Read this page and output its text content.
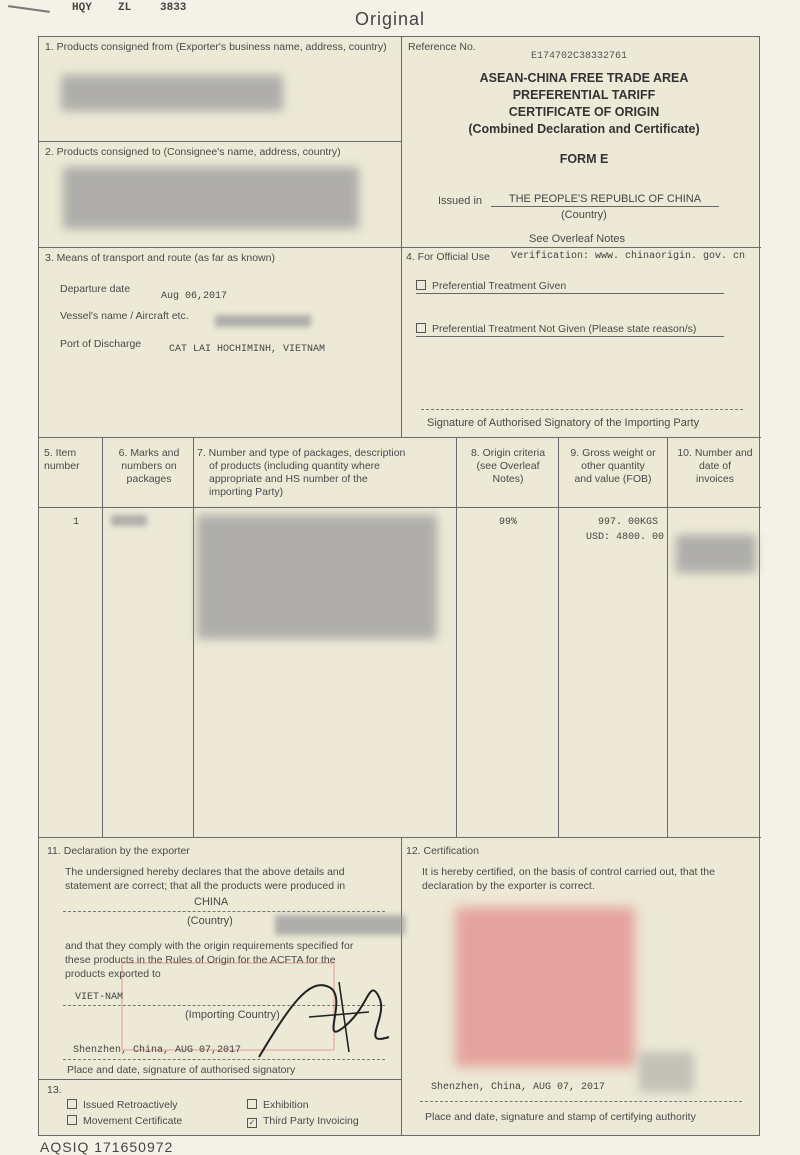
HQY ZL	3833
Original
1. Products consigned from (Exporter's business name, address, country)
2. Products consigned to (Consignee's name, address, country)
Reference No.
E174702C38332761
ASEAN-CHINA FREE TRADE AREA
PREFERENTIAL TARIFF
CERTIFICATE OF ORIGIN
(Combined Declaration and Certificate)
FORM E
Issued in	THE PEOPLE'S REPUBLIC OF CHINA
(Country)
See Overleaf Notes
3. Means of transport and route (as far as known)
Departure date
Aug 06,2017
Vessel's name / Aircraft etc.
Port of Discharge	CAT LAI HOCHIMINH, VIETNAM
4. For Official Use Verification: www. chinaorigin. gov. cn
Preferential Treatment Given
Preferential Treatment Not Given (Please state reason/s)
Signature of Authorised Signatory of the Importing Party
5. Item
number
6. Marks and
numbers on
packages
7. Number and type of packages, description
of products (including quantity where
appropriate and HS number of the
importing Party)
8. Origin criteria
(see Overleaf
Notes)
9. Gross weight or
other quantity
and value (FOB)
10. Number and
date of
invoices
1	99%	997. 00KGS
USD: 4800. 00
11. Declaration by the exporter
The undersigned hereby declares that the above details and
statement are correct; that all the products were produced in
CHINA
(Country)
and that they comply with the origin requirements specified for
these products in the Rules of Origin for the ACFTA for the
products exported to
VIET-NAM
(Importing Country)
Shenzhen, China, AUG 07,2017
Place and date, signature of authorised signatory
12. Certification
It is hereby certified, on the basis of control carried out, that the
declaration by the exporter is correct.
Shenzhen, China, AUG 07, 2017
Place and date, signature and stamp of certifying authority
13.
Issued Retroactively
Movement Certificate
Exhibition
✓ Third Party Invoicing
AQSIQ 171650972
